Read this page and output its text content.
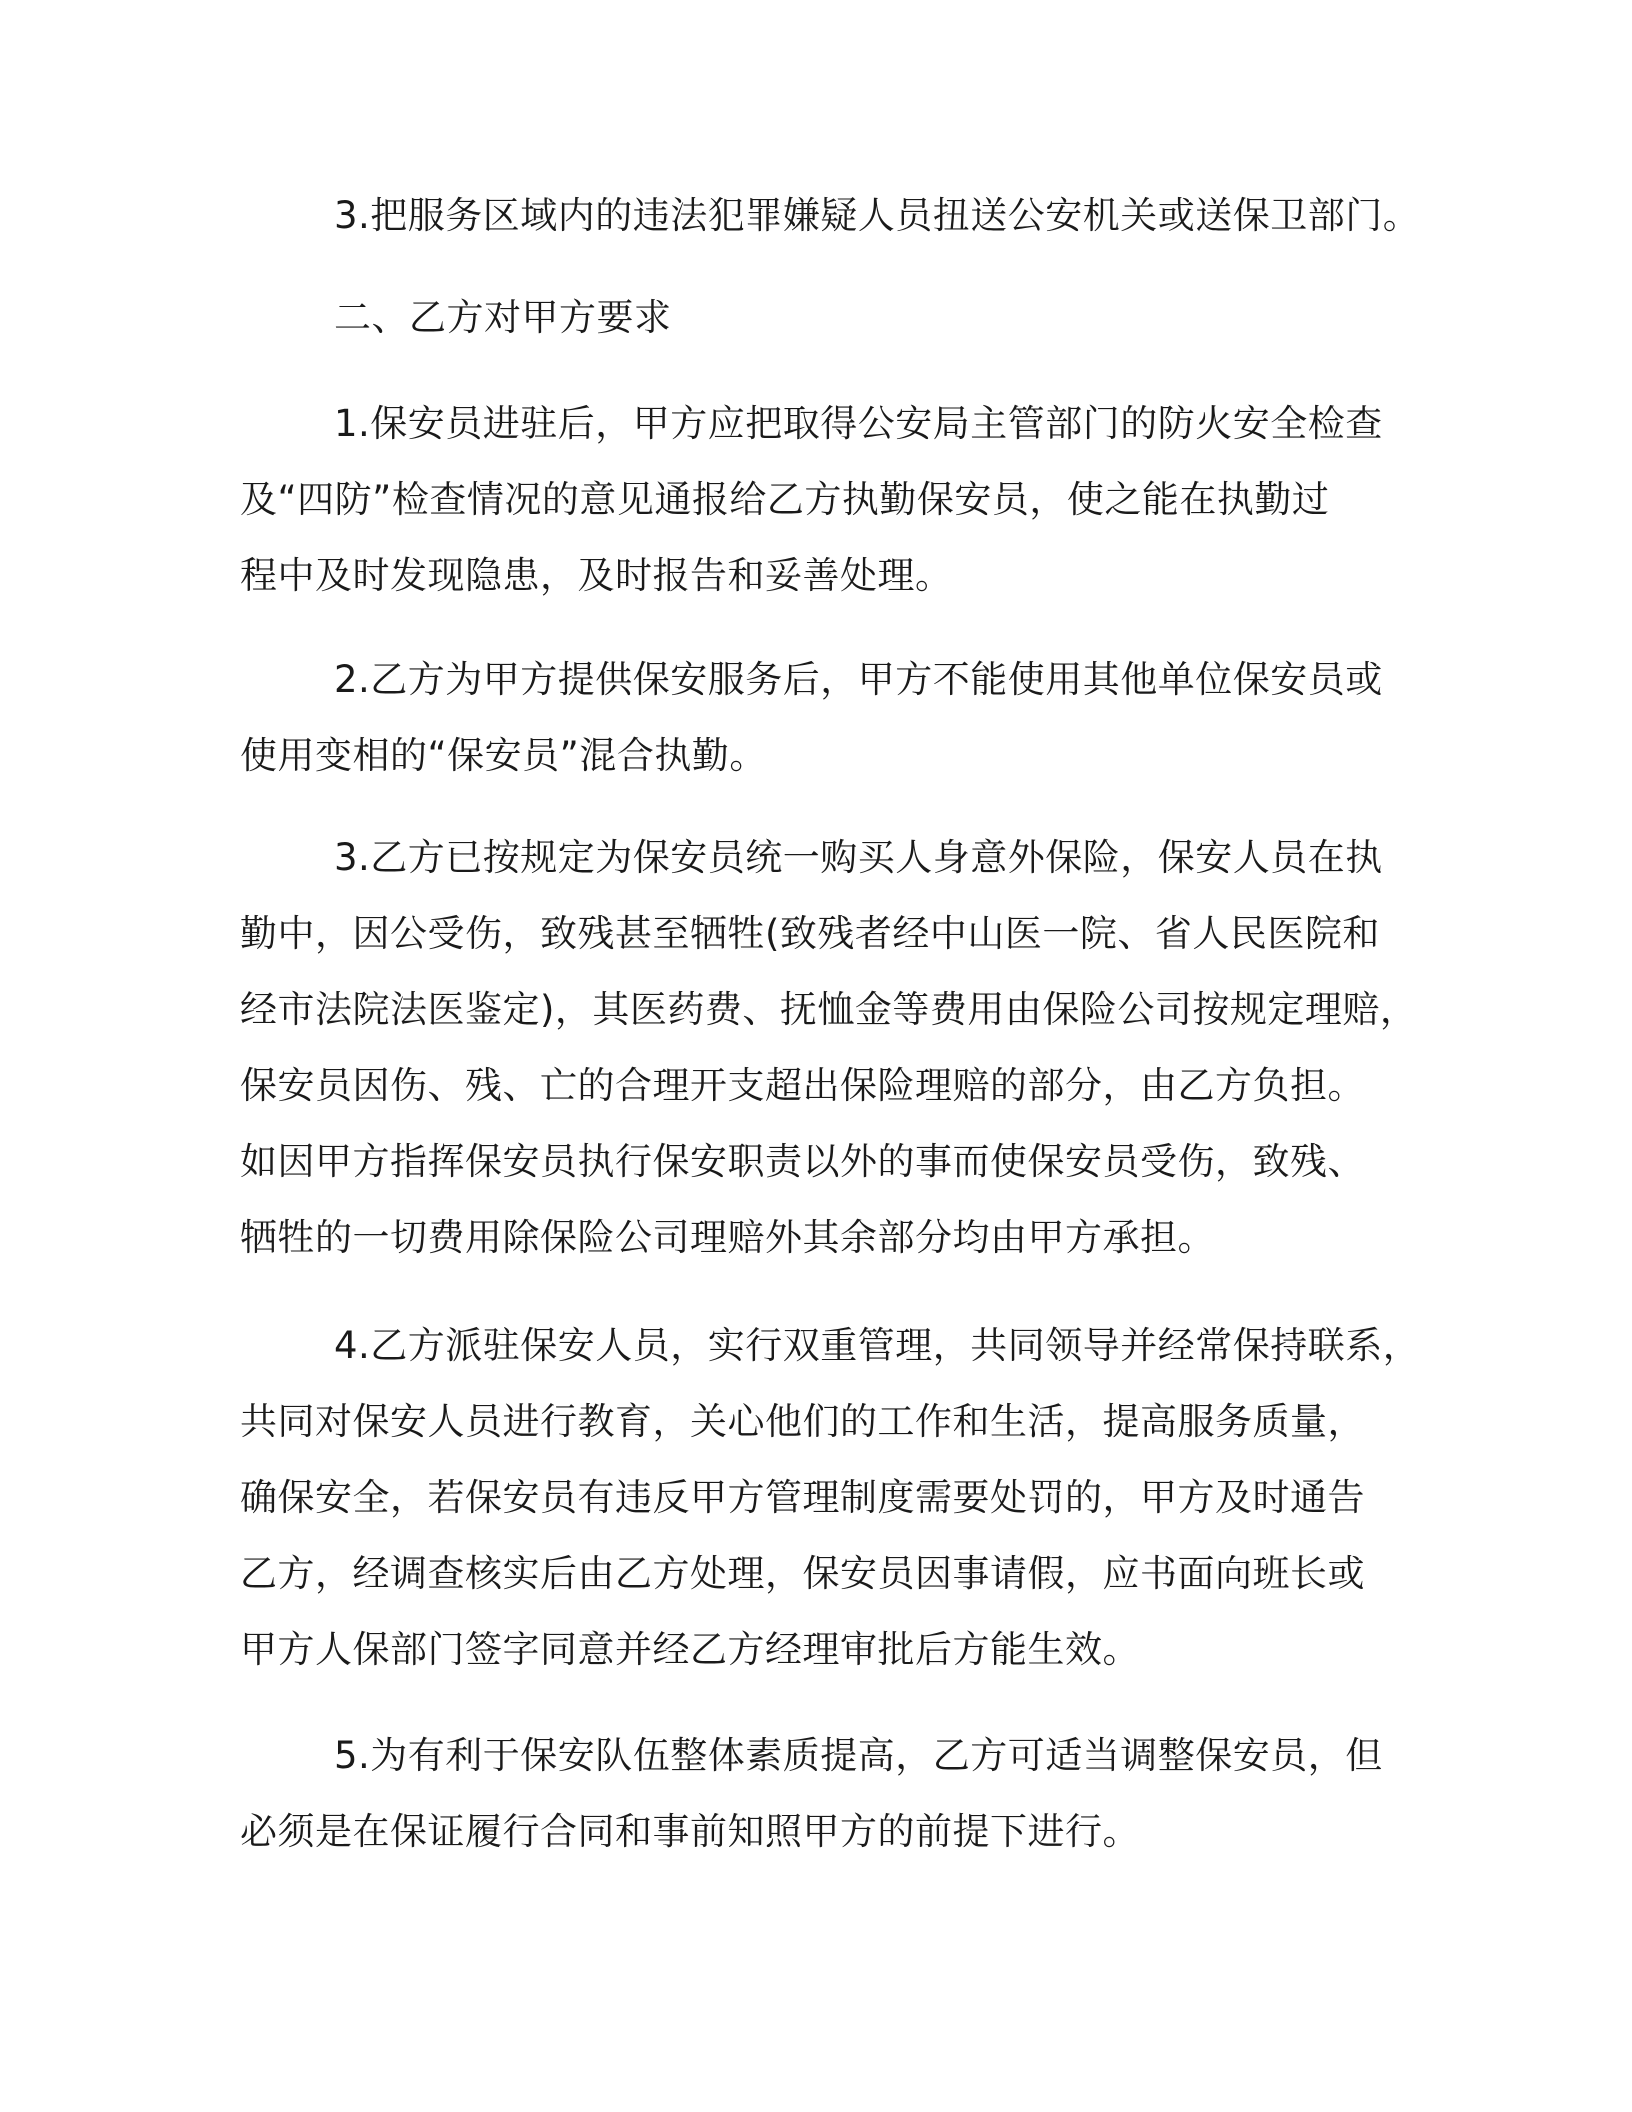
3.把服务区域内的违法犯罪嫌疑人员扭送公安机关或送保卫部门。
二、乙方对甲方要求
1.保安员进驻后，甲方应把取得公安局主管部门的防火安全检查
及“四防”检查情况的意见通报给乙方执勤保安员，使之能在执勤过
程中及时发现隐患，及时报告和妥善处理。
2.乙方为甲方提供保安服务后，甲方不能使用其他单位保安员或
使用变相的“保安员”混合执勤。
3.乙方已按规定为保安员统一购买人身意外保险，保安人员在执
勤中，因公受伤，致残甚至牺牲(致残者经中山医一院、省人民医院和
经市法院法医鉴定)，其医药费、抚恤金等费用由保险公司按规定理赔，
保安员因伤、残、亡的合理开支超出保险理赔的部分，由乙方负担。
如因甲方指挥保安员执行保安职责以外的事而使保安员受伤，致残、
牺牲的一切费用除保险公司理赔外其余部分均由甲方承担。
4.乙方派驻保安人员，实行双重管理，共同领导并经常保持联系，
共同对保安人员进行教育，关心他们的工作和生活，提高服务质量，
确保安全，若保安员有违反甲方管理制度需要处罚的，甲方及时通告
乙方，经调查核实后由乙方处理，保安员因事请假，应书面向班长或
甲方人保部门签字同意并经乙方经理审批后方能生效。
5.为有利于保安队伍整体素质提高，乙方可适当调整保安员，但
必须是在保证履行合同和事前知照甲方的前提下进行。
